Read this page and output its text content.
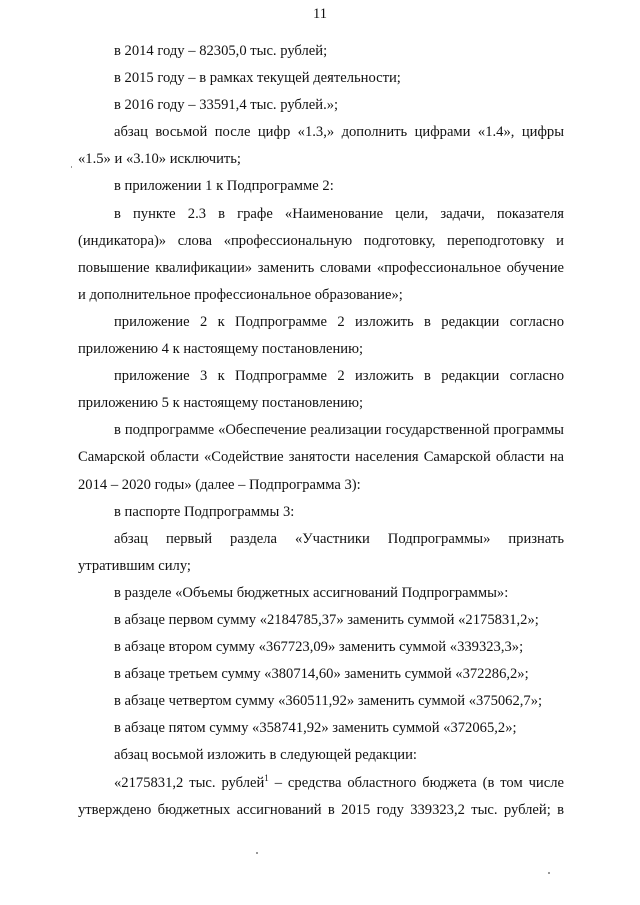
11

в 2014 году – 82305,0 тыс. рублей;

в 2015 году – в рамках текущей деятельности;

в 2016 году – 33591,4 тыс. рублей.»;

абзац восьмой после цифр «1.3,» дополнить цифрами «1.4», цифры «1.5» и «3.10» исключить;

в приложении 1 к Подпрограмме 2:

в пункте 2.3 в графе «Наименование цели, задачи, показателя (индикатора)» слова «профессиональную подготовку, переподготовку и повышение квалификации» заменить словами «профессиональное обучение и дополнительное профессиональное образование»;

приложение 2 к Подпрограмме 2 изложить в редакции согласно приложению 4 к настоящему постановлению;

приложение 3 к Подпрограмме 2 изложить в редакции согласно приложению 5 к настоящему постановлению;

в подпрограмме «Обеспечение реализации государственной программы Самарской области «Содействие занятости населения Самарской области на 2014 – 2020 годы» (далее – Подпрограмма 3):

в паспорте Подпрограммы 3:

абзац первый раздела «Участники Подпрограммы» признать утратившим силу;

в разделе «Объемы бюджетных ассигнований Подпрограммы»:

в абзаце первом сумму «2184785,37» заменить суммой «2175831,2»;

в абзаце втором сумму «367723,09» заменить суммой «339323,3»;

в абзаце третьем сумму «380714,60» заменить суммой «372286,2»;

в абзаце четвертом сумму «360511,92» заменить суммой «375062,7»;

в абзаце пятом сумму «358741,92» заменить суммой «372065,2»;

абзац восьмой изложить в следующей редакции:

«2175831,2 тыс. рублей$^1$ – средства областного бюджета (в том числе утверждено бюджетных ассигнований в 2015 году 339323,2 тыс. рублей; в
